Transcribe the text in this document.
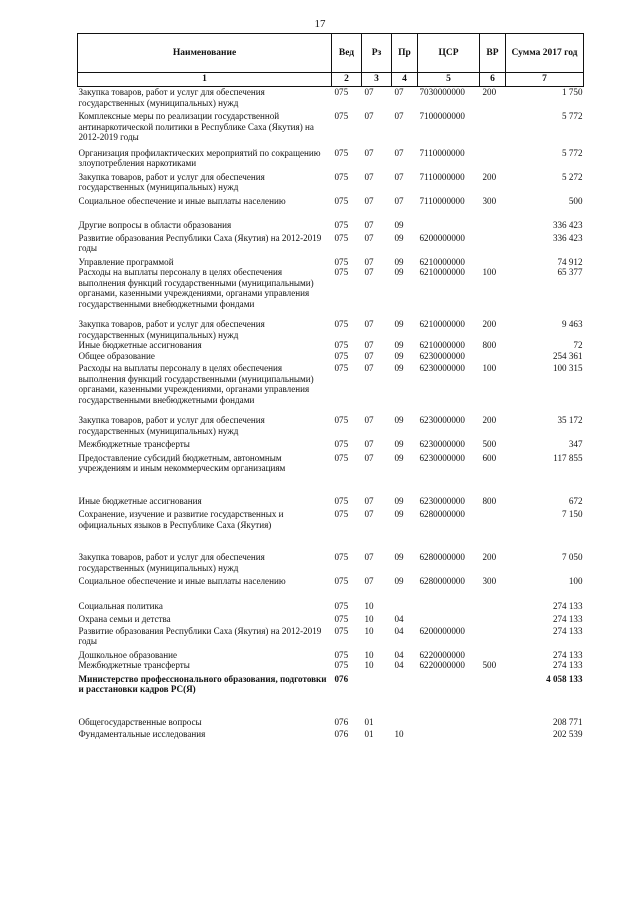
17
Наименование	Вед	Рз	Пр	ЦСР	ВР	Сумма 2017 год
1	2	3	4	5	6	7
Закупка товаров, работ и услуг для обеспечения государственных (муниципальных) нужд	075	07	07	7030000000	200	1 750
Комплексные меры по реализации государственной антинаркотической политики в Республике Саха (Якутия) на 2012-2019 годы	075	07	07	7100000000		5 772
Организация профилактических мероприятий по сокращению злоупотребления наркотиками	075	07	07	7110000000		5 772
Закупка товаров, работ и услуг для обеспечения государственных (муниципальных) нужд	075	07	07	7110000000	200	5 272
Социальное обеспечение и иные выплаты населению	075	07	07	7110000000	300	500
Другие вопросы в области образования	075	07	09			336 423
Развитие образования Республики Саха (Якутия) на 2012-2019 годы	075	07	09	6200000000		336 423
Управление программой	075	07	09	6210000000		74 912
Расходы на выплаты персоналу в целях обеспечения выполнения функций государственными (муниципальными) органами, казенными учреждениями, органами управления государственными внебюджетными фондами	075	07	09	6210000000	100	65 377
Закупка товаров, работ и услуг для обеспечения государственных (муниципальных) нужд	075	07	09	6210000000	200	9 463
Иные бюджетные ассигнования	075	07	09	6210000000	800	72
Общее образование	075	07	09	6230000000		254 361
Расходы на выплаты персоналу в целях обеспечения выполнения функций государственными (муниципальными) органами, казенными учреждениями, органами управления государственными внебюджетными фондами	075	07	09	6230000000	100	100 315
Закупка товаров, работ и услуг для обеспечения государственных (муниципальных) нужд	075	07	09	6230000000	200	35 172
Межбюджетные трансферты	075	07	09	6230000000	500	347
Предоставление субсидий бюджетным, автономным учреждениям и иным некоммерческим организациям	075	07	09	6230000000	600	117 855
Иные бюджетные ассигнования	075	07	09	6230000000	800	672
Сохранение, изучение и развитие государственных и официальных языков в Республике Саха (Якутия)	075	07	09	6280000000		7 150
Закупка товаров, работ и услуг для обеспечения государственных (муниципальных) нужд	075	07	09	6280000000	200	7 050
Социальное обеспечение и иные выплаты населению	075	07	09	6280000000	300	100
Социальная политика	075	10				274 133
Охрана семьи и детства	075	10	04			274 133
Развитие образования Республики Саха (Якутия) на 2012-2019 годы	075	10	04	6200000000		274 133
Дошкольное образование	075	10	04	6220000000		274 133
Межбюджетные трансферты	075	10	04	6220000000	500	274 133
Министерство профессионального образования, подготовки и расстановки кадров РС(Я)	076					4 058 133
Общегосударственные вопросы	076	01				208 771
Фундаментальные исследования	076	01	10			202 539
